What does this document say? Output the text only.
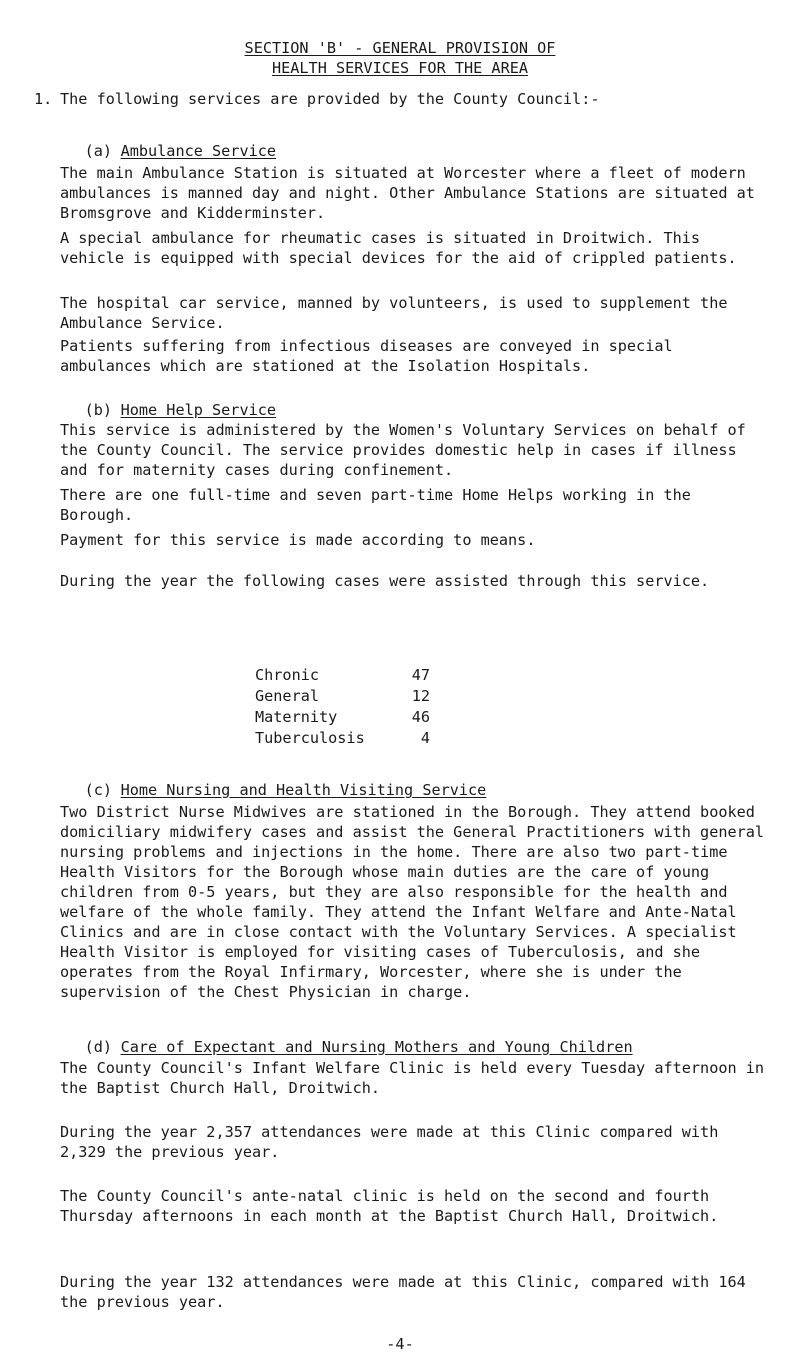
SECTION 'B' - GENERAL PROVISION OF
HEALTH SERVICES FOR THE AREA
1. The following services are provided by the County Council:-

(a) Ambulance Service

The main Ambulance Station is situated at Worcester where a fleet of modern ambulances is manned day and night. Other Ambulance Stations are situated at Bromsgrove and Kidderminster.

A special ambulance for rheumatic cases is situated in Droitwich. This vehicle is equipped with special devices for the aid of crippled patients.

The hospital car service, manned by volunteers, is used to supplement the Ambulance Service.

Patients suffering from infectious diseases are conveyed in special ambulances which are stationed at the Isolation Hospitals.

(b) Home Help Service

This service is administered by the Women's Voluntary Services on behalf of the County Council. The service provides domestic help in cases if illness and for maternity cases during confinement.

There are one full-time and seven part-time Home Helps working in the Borough.

Payment for this service is made according to means.

During the year the following cases were assisted through this service.

Chronic	47
General	12
Maternity	46
Tuberculosis	4

(c) Home Nursing and Health Visiting Service

Two District Nurse Midwives are stationed in the Borough. They attend booked domiciliary midwifery cases and assist the General Practitioners with general nursing problems and injections in the home. There are also two part-time Health Visitors for the Borough whose main duties are the care of young children from 0-5 years, but they are also responsible for the health and welfare of the whole family. They attend the Infant Welfare and Ante-Natal Clinics and are in close contact with the Voluntary Services. A specialist Health Visitor is employed for visiting cases of Tuberculosis, and she operates from the Royal Infirmary, Worcester, where she is under the supervision of the Chest Physician in charge.

(d) Care of Expectant and Nursing Mothers and Young Children

The County Council's Infant Welfare Clinic is held every Tuesday afternoon in the Baptist Church Hall, Droitwich.

During the year 2,357 attendances were made at this Clinic compared with 2,329 the previous year.

The County Council's ante-natal clinic is held on the second and fourth Thursday afternoons in each month at the Baptist Church Hall, Droitwich.

During the year 132 attendances were made at this Clinic, compared with 164 the previous year.

-4-
